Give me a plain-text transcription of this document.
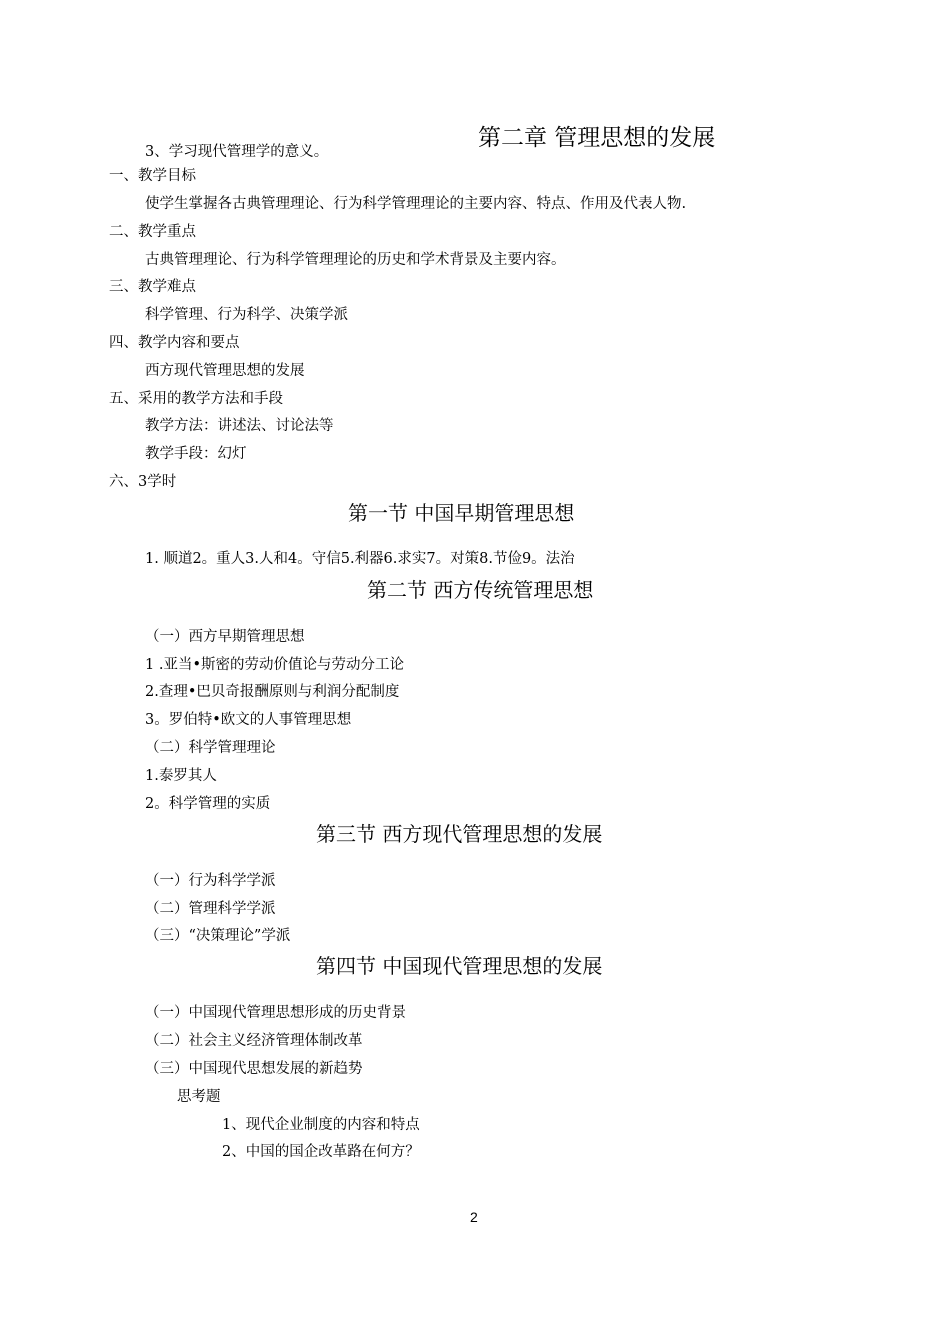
第二章 管理思想的发展
3、学习现代管理学的意义。
一、教学目标
使学生掌握各古典管理理论、行为科学管理理论的主要内容、特点、作用及代表人物.
二、教学重点
古典管理理论、行为科学管理理论的历史和学术背景及主要内容。
三、教学难点
科学管理、行为科学、决策学派
四、教学内容和要点
西方现代管理思想的发展
五、采用的教学方法和手段
教学方法：讲述法、讨论法等
教学手段：幻灯
六、3学时
第一节 中国早期管理思想
1. 顺道2。重人3.人和4。守信5.利器6.求实7。对策8.节俭9。法治
第二节 西方传统管理思想
（一）西方早期管理思想
1 .亚当•斯密的劳动价值论与劳动分工论
2.查理•巴贝奇报酬原则与利润分配制度
3。罗伯特•欧文的人事管理思想
（二）科学管理理论
1.泰罗其人
2。科学管理的实质
第三节 西方现代管理思想的发展
（一）行为科学学派
（二）管理科学学派
（三）“决策理论”学派
第四节 中国现代管理思想的发展
（一）中国现代管理思想形成的历史背景
（二）社会主义经济管理体制改革
（三）中国现代思想发展的新趋势
思考题
1、现代企业制度的内容和特点
2、中国的国企改革路在何方？
2
